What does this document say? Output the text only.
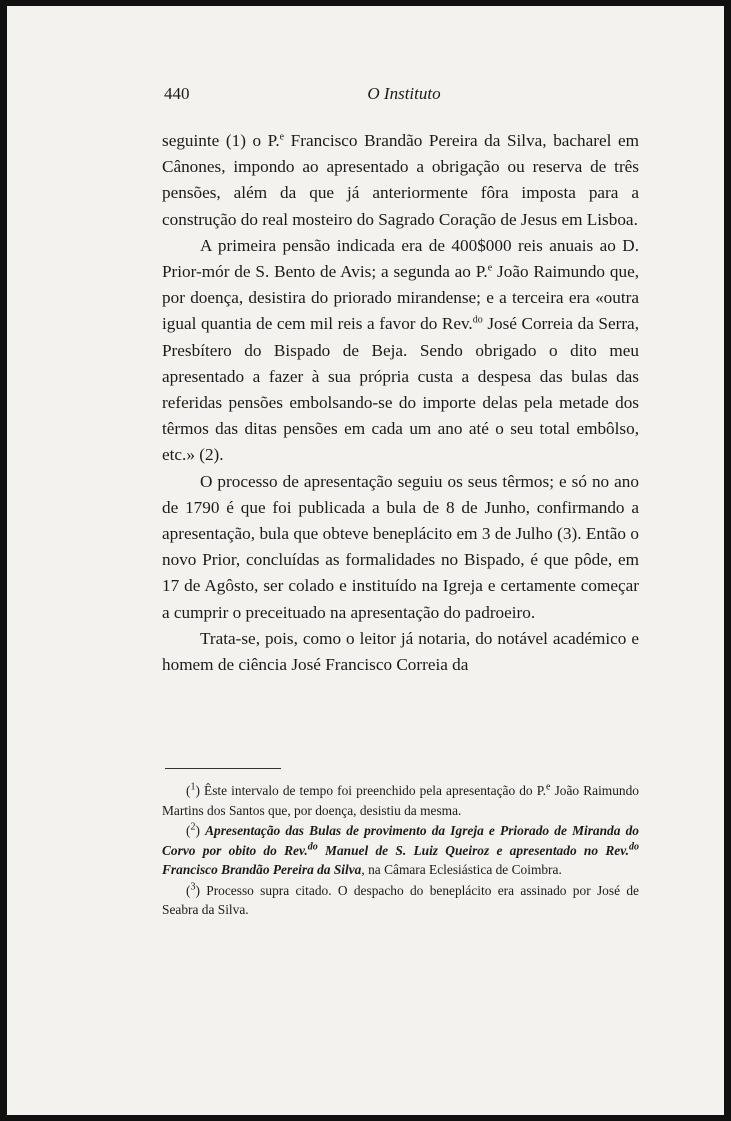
440	O Instituto

seguinte (1) o P.$^e$ Francisco Brandão Pereira da Silva, bacharel em Cânones, impondo ao apresentado a obrigação ou reserva de três pensões, além da que já anteriormente fôra imposta para a construção do real mosteiro do Sagrado Coração de Jesus em Lisboa.

A primeira pensão indicada era de 400$000 reis anuais ao D. Prior-mór de S. Bento de Avis; a segunda ao P.$^e$ João Raimundo que, por doença, desistira do priorado mirandense; e a terceira era «outra igual quantia de cem mil reis a favor do Rev.$^{do}$ José Correia da Serra, Presbítero do Bispado de Beja. Sendo obrigado o dito meu apresentado a fazer à sua própria custa a despesa das bulas das referidas pensões embolsando-se do importe delas pela metade dos têrmos das ditas pensões em cada um ano até o seu total embôlso, etc.» (2).

O processo de apresentação seguiu os seus têrmos; e só no ano de 1790 é que foi publicada a bula de 8 de Junho, confirmando a apresentação, bula que obteve beneplácito em 3 de Julho (3). Então o novo Prior, concluídas as formalidades no Bispado, é que pôde, em 17 de Agôsto, ser colado e instituído na Igreja e certamente começar a cumprir o preceituado na apresentação do padroeiro.

Trata-se, pois, como o leitor já notaria, do notável académico e homem de ciência José Francisco Correia da

($^1$) Êste intervalo de tempo foi preenchido pela apresentação do P.$^e$ João Raimundo Martins dos Santos que, por doença, desistiu da mesma.

($^2$) Apresentação das Bulas de provimento da Igreja e Priorado de Miranda do Corvo por obito do Rev.$^{do}$ Manuel de S. Luiz Queiroz e apresentado no Rev.$^{do}$ Francisco Brandão Pereira da Silva, na Câmara Eclesiástica de Coimbra.

($^3$) Processo supra citado. O despacho do beneplácito era assinado por José de Seabra da Silva.
